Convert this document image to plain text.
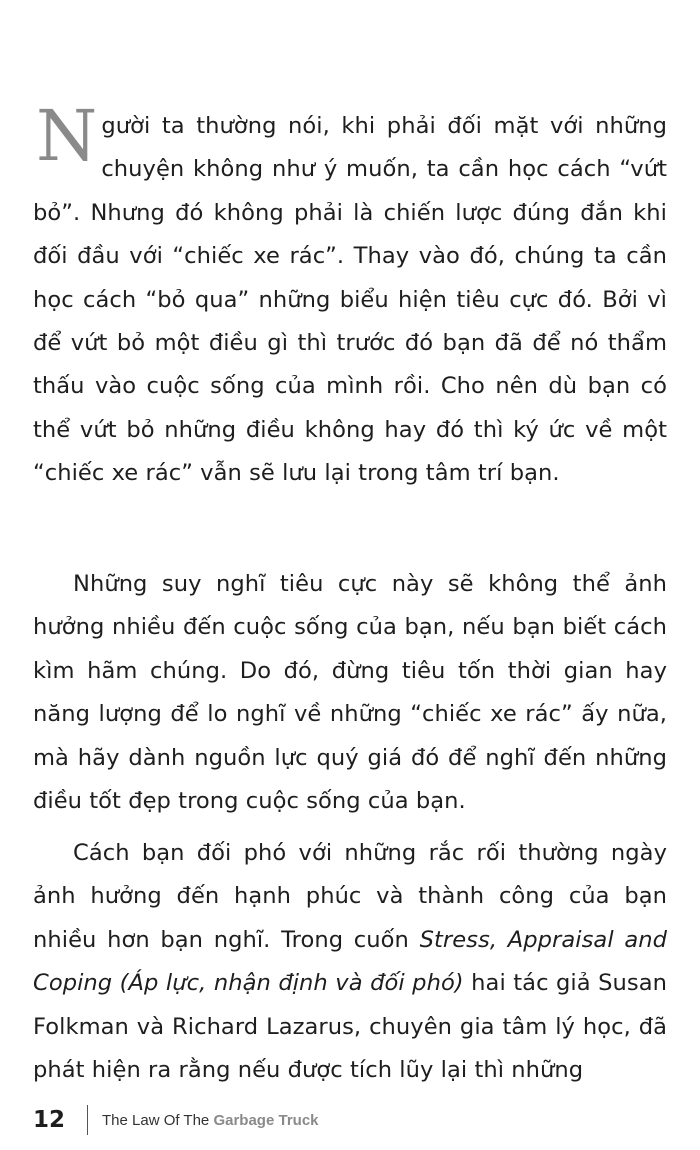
Người ta thường nói, khi phải đối mặt với những chuyện không như ý muốn, ta cần học cách “vứt bỏ”. Nhưng đó không phải là chiến lược đúng đắn khi đối đầu với “chiếc xe rác”. Thay vào đó, chúng ta cần học cách “bỏ qua” những biểu hiện tiêu cực đó. Bởi vì để vứt bỏ một điều gì thì trước đó bạn đã để nó thẩm thấu vào cuộc sống của mình rồi. Cho nên dù bạn có thể vứt bỏ những điều không hay đó thì ký ức về một “chiếc xe rác” vẫn sẽ lưu lại trong tâm trí bạn.
Những suy nghĩ tiêu cực này sẽ không thể ảnh hưởng nhiều đến cuộc sống của bạn, nếu bạn biết cách kìm hãm chúng. Do đó, đừng tiêu tốn thời gian hay năng lượng để lo nghĩ về những “chiếc xe rác” ấy nữa, mà hãy dành nguồn lực quý giá đó để nghĩ đến những điều tốt đẹp trong cuộc sống của bạn.
Cách bạn đối phó với những rắc rối thường ngày ảnh hưởng đến hạnh phúc và thành công của bạn nhiều hơn bạn nghĩ. Trong cuốn Stress, Appraisal and Coping (Áp lực, nhận định và đối phó) hai tác giả Susan Folkman và Richard Lazarus, chuyên gia tâm lý học, đã phát hiện ra rằng nếu được tích lũy lại thì những
12	The Law Of The Garbage Truck
